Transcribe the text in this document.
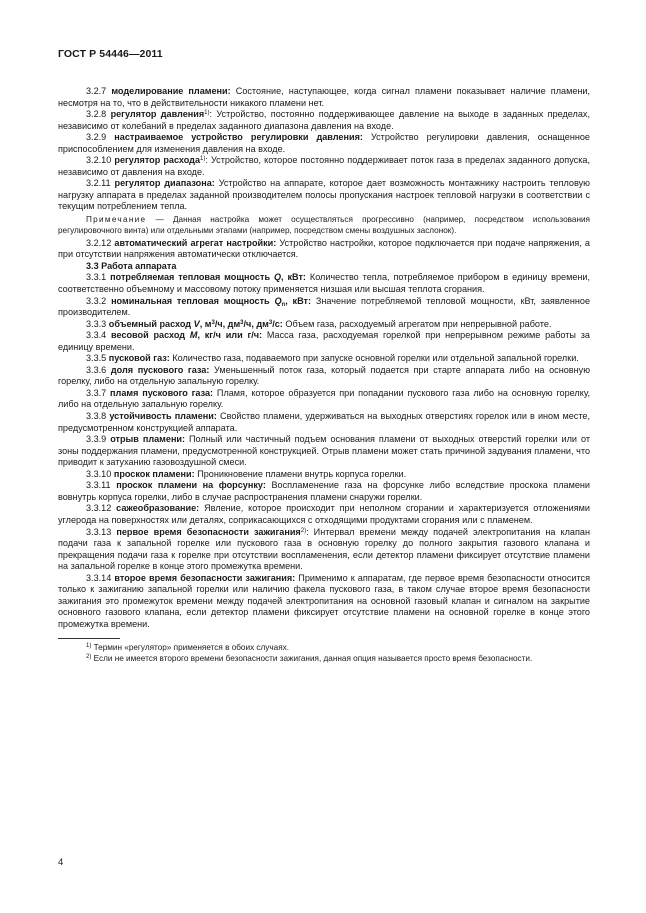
ГОСТ Р 54446—2011

3.2.7 моделирование пламени: Состояние, наступающее, когда сигнал пламени показывает наличие пламени, несмотря на то, что в действительности никакого пламени нет.

3.2.8 регулятор давления$^{1)}$: Устройство, постоянно поддерживающее давление на выходе в заданных пределах, независимо от колебаний в пределах заданного диапазона давления на входе.

3.2.9 настраиваемое устройство регулировки давления: Устройство регулировки давления, оснащенное приспособлением для изменения давления на входе.

3.2.10 регулятор расхода$^{1)}$: Устройство, которое постоянно поддерживает поток газа в пределах заданного допуска, независимо от давления на входе.

3.2.11 регулятор диапазона: Устройство на аппарате, которое дает возможность монтажнику настроить тепловую нагрузку аппарата в пределах заданной производителем полосы пропускания настроек тепловой нагрузки в соответствии с текущим потреблением тепла.

Примечание — Данная настройка может осуществляться прогрессивно (например, посредством использования регулировочного винта) или отдельными этапами (например, посредством смены воздушных заслонок).

3.2.12 автоматический агрегат настройки: Устройство настройки, которое подключается при подаче напряжения, а при отсутствии напряжения автоматически отключается.

3.3 Работа аппарата

3.3.1 потребляемая тепловая мощность Q, кВт: Количество тепла, потребляемое прибором в единицу времени, соответственно объемному и массовому потоку применяется низшая или высшая теплота сгорания.

3.3.2 номинальная тепловая мощность $Q_n$, кВт: Значение потребляемой тепловой мощности, кВт, заявленное производителем.

3.3.3 объемный расход V, $м^3/ч$, $дм^3/ч$, $дм^3/с$: Объем газа, расходуемый агрегатом при непрерывной работе.

3.3.4 весовой расход M, кг/ч или г/ч: Масса газа, расходуемая горелкой при непрерывном режиме работы за единицу времени.

3.3.5 пусковой газ: Количество газа, подаваемого при запуске основной горелки или отдельной запальной горелки.

3.3.6 доля пускового газа: Уменьшенный поток газа, который подается при старте аппарата либо на основную горелку, либо на отдельную запальную горелку.

3.3.7 пламя пускового газа: Пламя, которое образуется при попадании пускового газа либо на основную горелку, либо на отдельную запальную горелку.

3.3.8 устойчивость пламени: Свойство пламени, удерживаться на выходных отверстиях горелок или в ином месте, предусмотренном конструкцией аппарата.

3.3.9 отрыв пламени: Полный или частичный подъем основания пламени от выходных отверстий горелки или от зоны поддержания пламени, предусмотренной конструкцией. Отрыв пламени может стать причиной задувания пламени, что приводит к затуханию газовоздушной смеси.

3.3.10 проскок пламени: Проникновение пламени внутрь корпуса горелки.

3.3.11 проскок пламени на форсунку: Воспламенение газа на форсунке либо вследствие проскока пламени вовнутрь корпуса горелки, либо в случае распространения пламени снаружи горелки.

3.3.12 сажеобразование: Явление, которое происходит при неполном сгорании и характеризуется отложениями углерода на поверхностях или деталях, соприкасающихся с отходящими продуктами сгорания или с пламенем.

3.3.13 первое время безопасности зажигания$^{2)}$: Интервал времени между подачей электропитания на клапан подачи газа к запальной горелке или пускового газа в основную горелку до полного закрытия газового клапана и прекращения подачи газа к горелке при отсутствии воспламенения, если детектор пламени фиксирует отсутствие пламени на запальной горелке в конце этого промежутка времени.

3.3.14 второе время безопасности зажигания: Применимо к аппаратам, где первое время безопасности относится только к зажиганию запальной горелки или наличию факела пускового газа, в таком случае второе время безопасности зажигания это промежуток времени между подачей электропитания на основной газовый клапан и сигналом на закрытие основного газового клапана, если детектор пламени фиксирует отсутствие пламени на основной горелке в конце этого промежутка времени.

$^{1)}$ Термин «регулятор» применяется в обоих случаях.

$^{2)}$ Если не имеется второго времени безопасности зажигания, данная опция называется просто время безопасности.

4
